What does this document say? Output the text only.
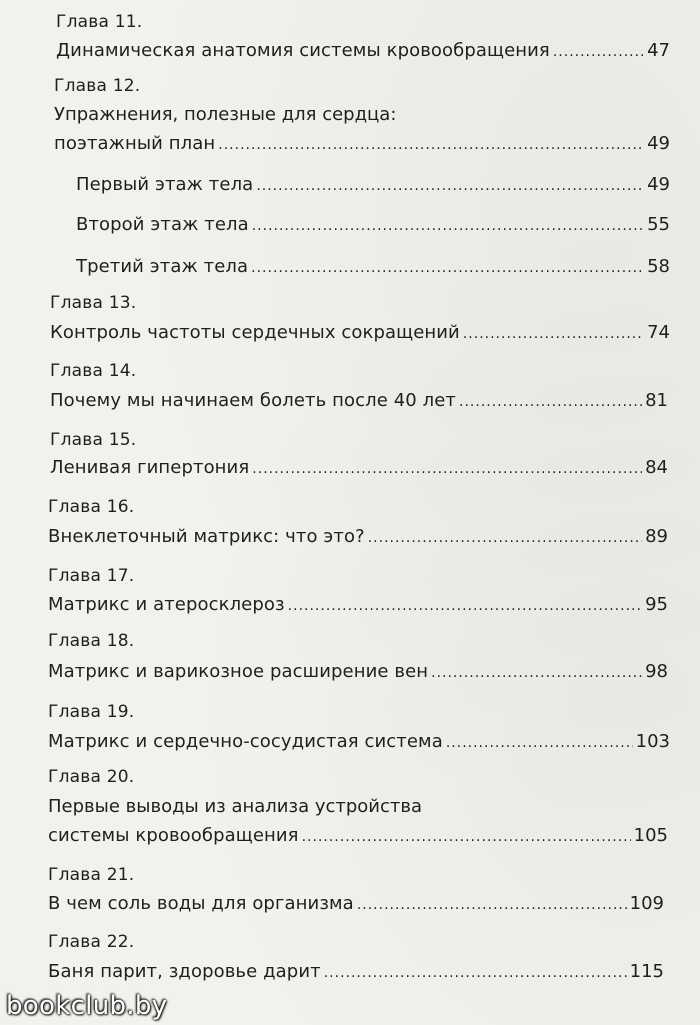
Глава 11.
Динамическая анатомия системы кровообращения .....	47
Глава 12.
Упражнения, полезные для сердца:
поэтажный план .....	49
Первый этаж тела .....	49
Второй этаж тела .....	55
Третий этаж тела .....	58
Глава 13.
Контроль частоты сердечных сокращений .....	74
Глава 14.
Почему мы начинаем болеть после 40 лет .....	81
Глава 15.
Ленивая гипертония .....	84
Глава 16.
Внеклеточный матрикс: что это? .....	89
Глава 17.
Матрикс и атеросклероз .....	95
Глава 18.
Матрикс и варикозное расширение вен .....	98
Глава 19.
Матрикс и сердечно-сосудистая система .....	103
Глава 20.
Первые выводы из анализа устройства
системы кровообращения .....	105
Глава 21.
В чем соль воды для организма .....	109
Глава 22.
Баня парит, здоровье дарит .....	115
bookclub.by
